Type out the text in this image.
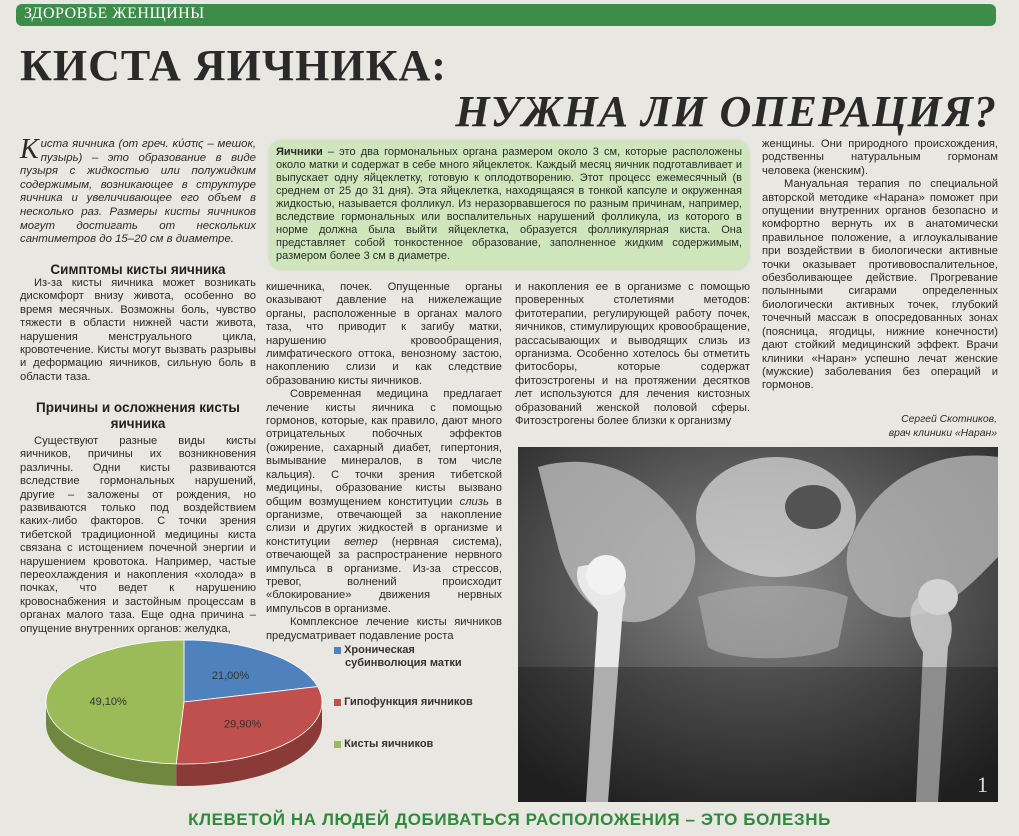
ЗДОРОВЬЕ ЖЕНЩИНЫ
КИСТА ЯИЧНИКА:
НУЖНА ЛИ ОПЕРАЦИЯ?
Киста яичника (от греч. κύστις – мешок, пузырь) – это образование в виде пузыря с жидкостью или полужидким содержимым, возникающее в структуре яичника и увеличивающее его объем в несколько раз. Размеры кисты яичников могут достигать от нескольких сантиметров до 15–20 см в диаметре.
Симптомы кисты яичника
Из-за кисты яичника может возникать дискомфорт внизу живота, особенно во время месячных. Возможны боль, чувство тяжести в области нижней части живота, нарушения менструального цикла, кровотечение. Кисты могут вызвать разрывы и деформацию яичников, сильную боль в области таза.
Причины и осложнения кисты яичника
Существуют разные виды кисты яичников, причины их возникновения различны. Одни кисты развиваются вследствие гормональных нарушений, другие – заложены от рождения, но развиваются только под воздействием каких-либо факторов. С точки зрения тибетской традиционной медицины киста связана с истощением почечной энергии и нарушением кровотока. Например, частые переохлаждения и накопления «холода» в почках, что ведет к нарушению кровоснабжения и застойным процессам в органах малого таза. Еще одна причина – опущение внутренних органов: желудка,
Яичники – это два гормональных органа размером около 3 см, которые расположены около матки и содержат в себе много яйцеклеток. Каждый месяц яичник подготавливает и выпускает одну яйцеклетку, готовую к оплодотворению. Этот процесс ежемесячный (в среднем от 25 до 31 дня). Эта яйцеклетка, находящаяся в тонкой капсуле и окруженная жидкостью, называется фолликул. Из неразорвавшегося по разным причинам, например, вследствие гормональных или воспалительных нарушений фолликула, из которого в норме должна была выйти яйцеклетка, образуется фолликулярная киста. Она представляет собой тонкостенное образование, заполненное жидким содержимым, размером более 3 см в диаметре.

кишечника, почек. Опущенные органы оказывают давление на нижележащие органы, расположенные в органах малого таза, что приводит к загибу матки, нарушению кровообращения, лимфатического оттока, венозному застою, накоплению слизи и как следствие образованию кисты яичников.

Современная медицина предлагает лечение кисты яичника с помощью гормонов, которые, как правило, дают много отрицательных побочных эффектов (ожирение, сахарный диабет, гипертония, вымывание минералов, в том числе кальция). С точки зрения тибетской медицины, образование кисты вызвано общим возмущением конституции слизь в организме, отвечающей за накопление слизи и других жидкостей в организме и конституции ветер (нервная система), отвечающей за распространение нервного импульса в организме. Из-за стрессов, тревог, волнений происходит «блокирование» движения нервных импульсов в организме.

Комплексное лечение кисты яичников предусматривает подавление роста

и накопления ее в организме с помощью проверенных столетиями методов: фитотерапии, регулирующей работу почек, яичников, стимулирующих кровообращение, рассасывающих и выводящих слизь из организма. Особенно хотелось бы отметить фитосборы, которые содержат фитоэстрогены и на протяжении десятков лет используются для лечения кистозных образований женской половой сферы. Фитоэстрогены более близки к организму

женщины. Они природного происхождения, родственны натуральным гормонам человека (женским).

Мануальная терапия по специальной авторской методике «Нарана» поможет при опущении внутренних органов безопасно и комфортно вернуть их в анатомически правильное положение, а иглоукалывание при воздействии в биологически активные точки оказывает противовоспалительное, обезболивающее действие. Прогревание полынными сигарами определенных биологически активных точек, глубокий точечный массаж в опосредованных зонах (поясница, ягодицы, нижние конечности) дают стойкий медицинский эффект. Врачи клиники «Наран» успешно лечат женские (мужские) заболевания без операций и гормонов.

Сергей Скотников,
врач клиники «Наран»
1
21,00%
29,90%
49,10%
Хроническая
субинволюция матки
Гипофункция яичников
Кисты яичников
КЛЕВЕТОЙ НА ЛЮДЕЙ ДОБИВАТЬСЯ РАСПОЛОЖЕНИЯ – ЭТО БОЛЕЗНЬ
